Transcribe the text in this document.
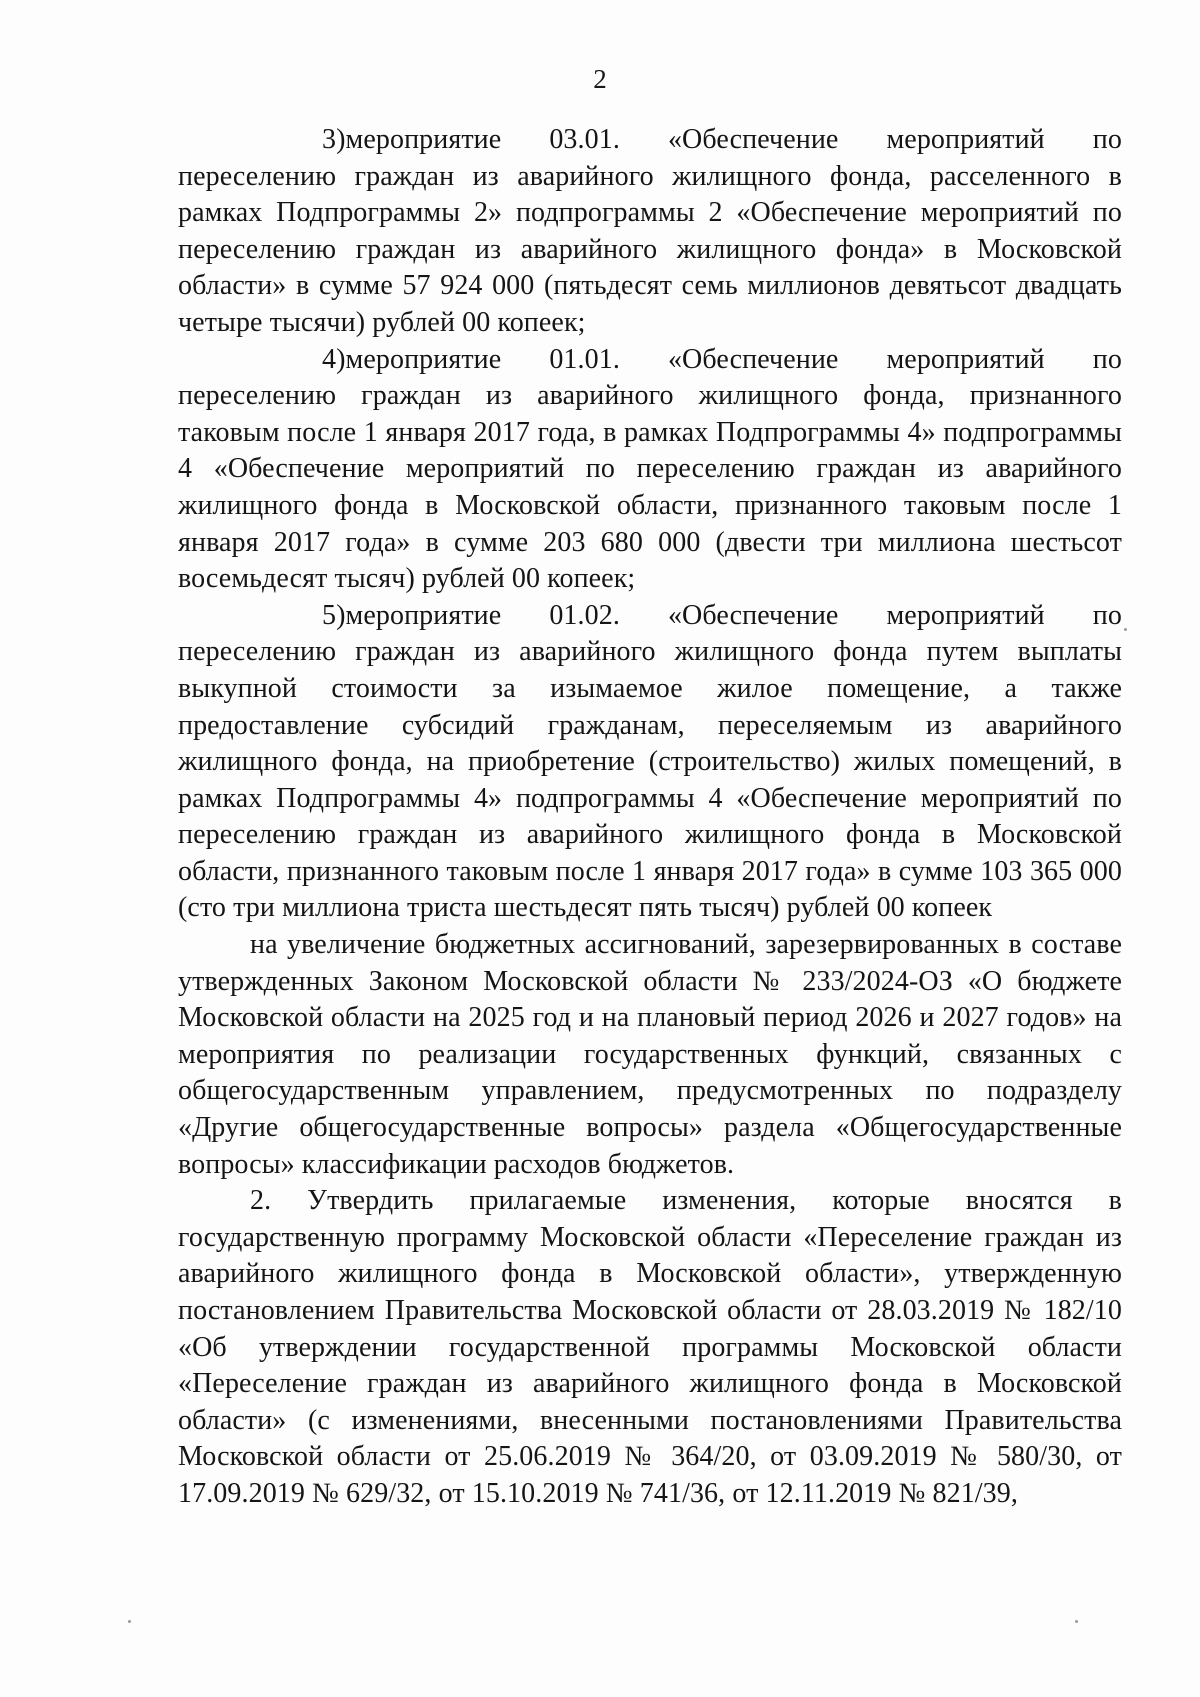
2

3)мероприятие 03.01. «Обеспечение мероприятий по переселению граждан из аварийного жилищного фонда, расселенного в рамках Подпрограммы 2» подпрограммы 2 «Обеспечение мероприятий по переселению граждан из аварийного жилищного фонда» в Московской области» в сумме 57 924 000 (пятьдесят семь миллионов девятьсот двадцать четыре тысячи) рублей 00 копеек;

4)мероприятие 01.01. «Обеспечение мероприятий по переселению граждан из аварийного жилищного фонда, признанного таковым после 1 января 2017 года, в рамках Подпрограммы 4» подпрограммы 4 «Обеспечение мероприятий по переселению граждан из аварийного жилищного фонда в Московской области, признанного таковым после 1 января 2017 года» в сумме 203 680 000 (двести три миллиона шестьсот восемьдесят тысяч) рублей 00 копеек;

5)мероприятие 01.02. «Обеспечение мероприятий по переселению граждан из аварийного жилищного фонда путем выплаты выкупной стоимости за изымаемое жилое помещение, а также предоставление субсидий гражданам, переселяемым из аварийного жилищного фонда, на приобретение (строительство) жилых помещений, в рамках Подпрограммы 4» подпрограммы 4 «Обеспечение мероприятий по переселению граждан из аварийного жилищного фонда в Московской области, признанного таковым после 1 января 2017 года» в сумме 103 365 000 (сто три миллиона триста шестьдесят пять тысяч) рублей 00 копеек

на увеличение бюджетных ассигнований, зарезервированных в составе утвержденных Законом Московской области № 233/2024-ОЗ «О бюджете Московской области на 2025 год и на плановый период 2026 и 2027 годов» на мероприятия по реализации государственных функций, связанных с общегосударственным управлением, предусмотренных по подразделу «Другие общегосударственные вопросы» раздела «Общегосударственные вопросы» классификации расходов бюджетов.

2. Утвердить прилагаемые изменения, которые вносятся в государственную программу Московской области «Переселение граждан из аварийного жилищного фонда в Московской области», утвержденную постановлением Правительства Московской области от 28.03.2019 № 182/10 «Об утверждении государственной программы Московской области «Переселение граждан из аварийного жилищного фонда в Московской области» (с изменениями, внесенными постановлениями Правительства Московской области от 25.06.2019 № 364/20, от 03.09.2019 № 580/30, от 17.09.2019 № 629/32, от 15.10.2019 № 741/36, от 12.11.2019 № 821/39,
